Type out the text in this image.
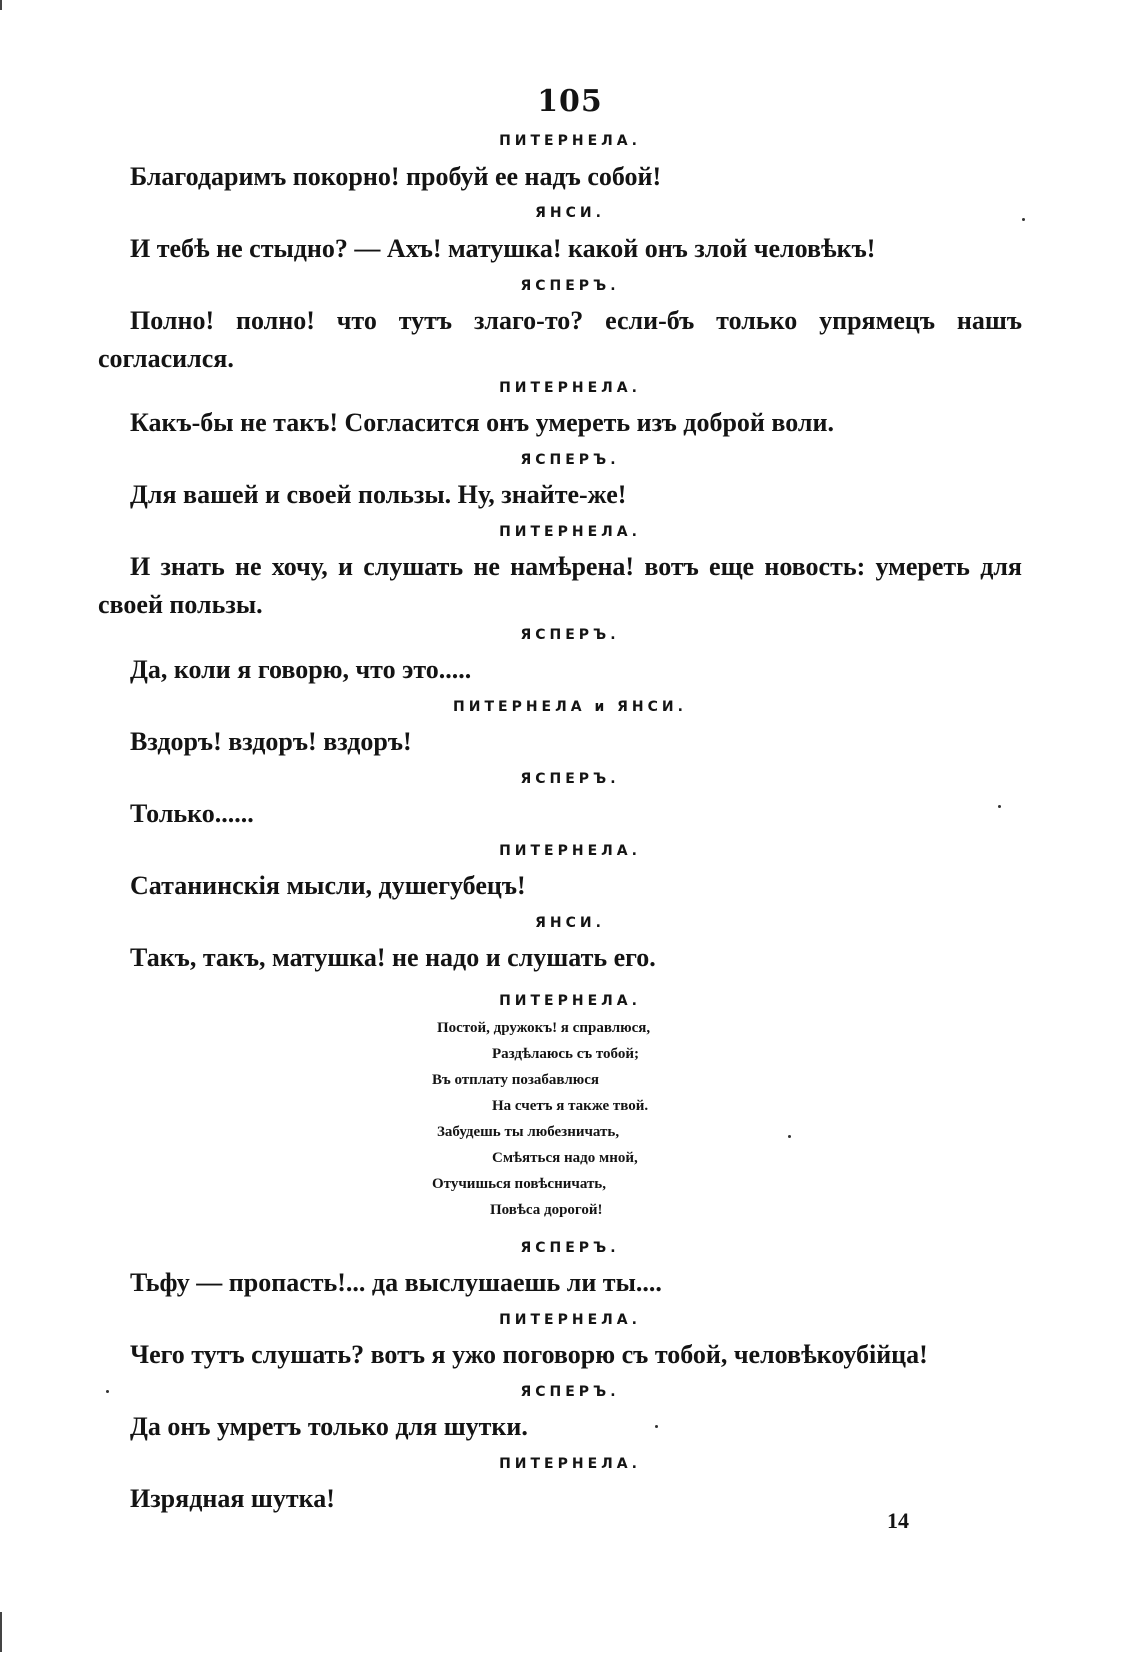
105
ПИТЕРНЕЛА.
Благодаримъ покорно! пробуй ее надъ собой!
ЯНСИ.
И тебѣ не стыдно? — Ахъ! матушка! какой онъ злой человѣкъ!
ЯСПЕРЪ.
Полно! полно! что тутъ злаго-то? если-бъ только упрямецъ нашъ согласился.
ПИТЕРНЕЛА.
Какъ-бы не такъ! Согласится онъ умереть изъ доброй воли.
ЯСПЕРЪ.
Для вашей и своей пользы. Ну, знайте-же!
ПИТЕРНЕЛА.
И знать не хочу, и слушать не намѣрена! вотъ еще новость: умереть для своей пользы.
ЯСПЕРЪ.
Да, коли я говорю, что это.....
ПИТЕРНЕЛА и ЯНСИ.
Вздоръ! вздоръ! вздоръ!
ЯСПЕРЪ.
Только......
ПИТЕРНЕЛА.
Сатанинскія мысли, душегубецъ!
ЯНСИ.
Такъ, такъ, матушка! не надо и слушать его.
ПИТЕРНЕЛА.
Постой, дружокъ! я справлюся,
Раздѣлаюсь съ тобой;
Въ отплату позабавлюся
На счетъ я также твой.
Забудешь ты любезничать,
Смѣяться надо мной,
Отучишься повѣсничать,
Повѣса дорогой!
ЯСПЕРЪ.
Тьфу — пропасть!... да выслушаешь ли ты....
ПИТЕРНЕЛА.
Чего тутъ слушать? вотъ я ужо поговорю съ тобой, человѣкоубійца!
ЯСПЕРЪ.
Да онъ умретъ только для шутки.
ПИТЕРНЕЛА.
Изрядная шутка!
14
